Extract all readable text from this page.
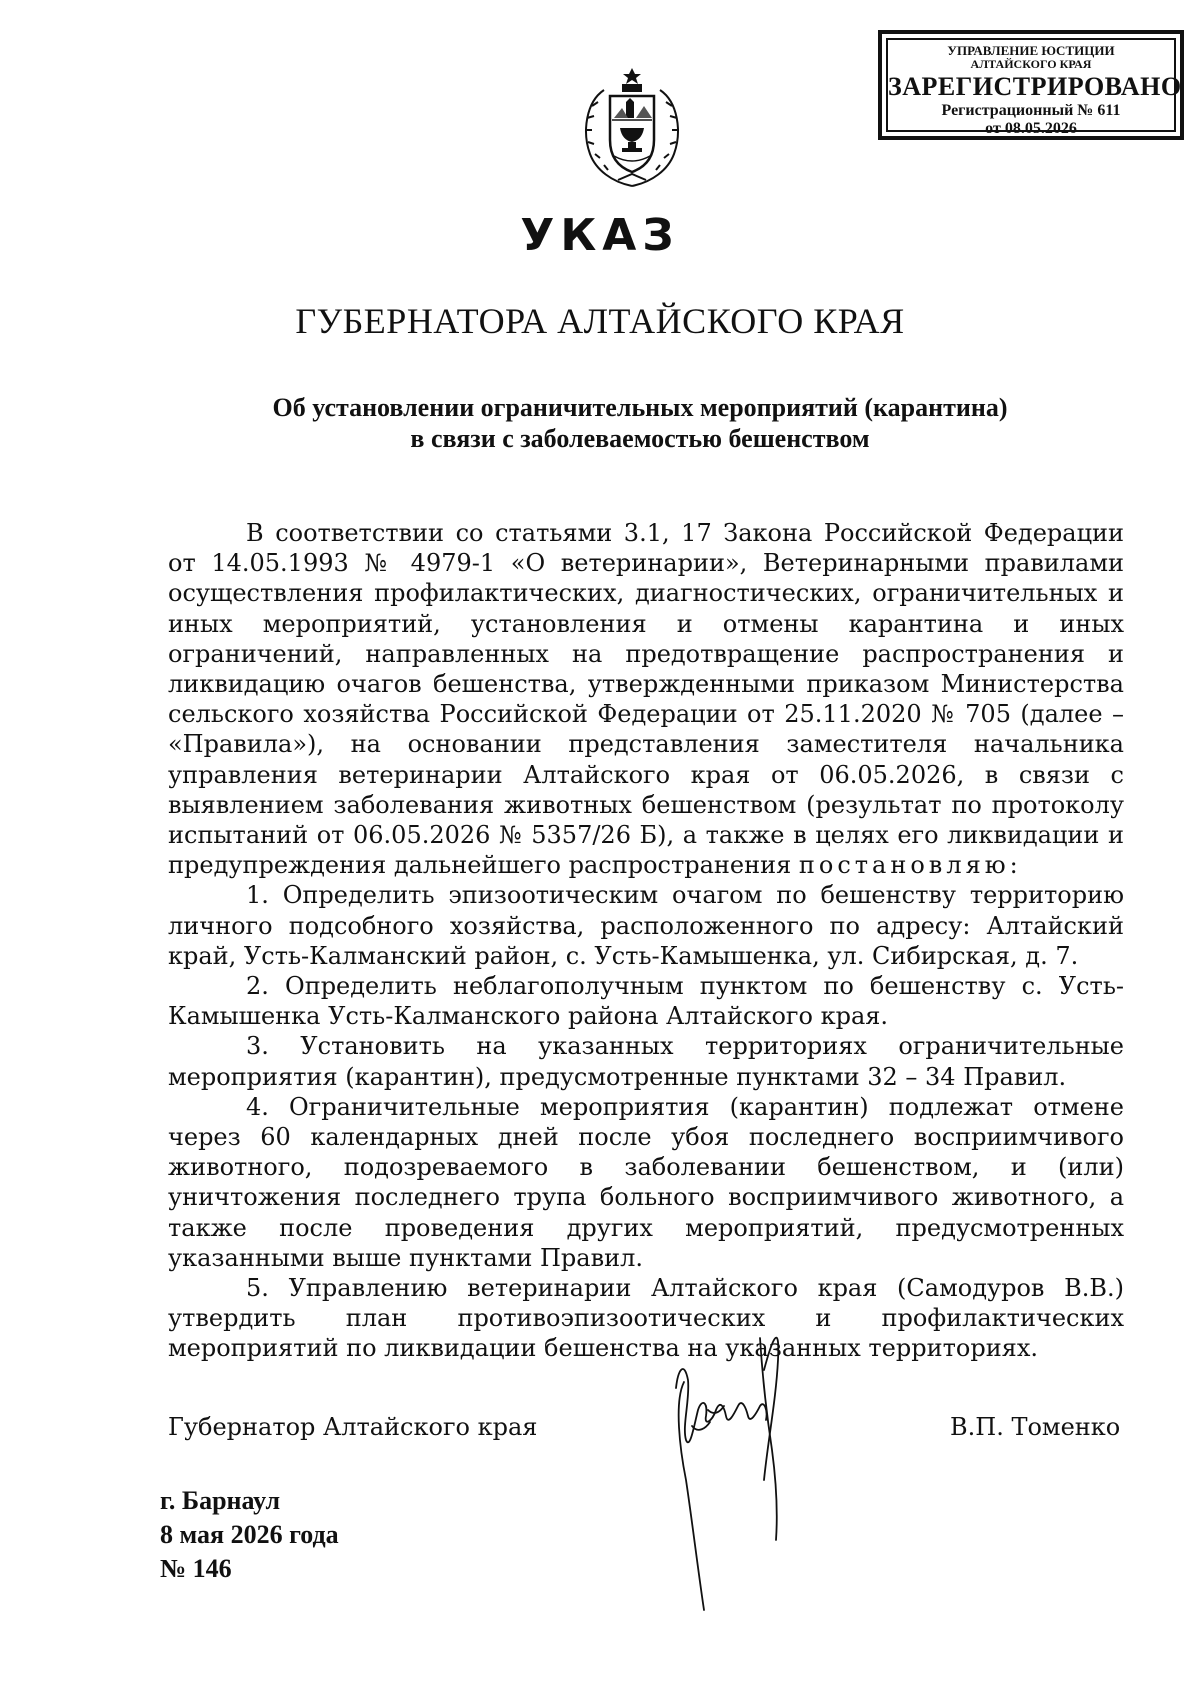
УПРАВЛЕНИЕ ЮСТИЦИИ
АЛТАЙСКОГО КРАЯ
ЗАРЕГИСТРИРОВАНО
Регистрационный № 611
от 08.05.2026
УКАЗ
ГУБЕРНАТОРА АЛТАЙСКОГО КРАЯ
Об установлении ограничительных мероприятий (карантина)
в связи с заболеваемостью бешенством

В соответствии со статьями 3.1, 17 Закона Российской Федерации от 14.05.1993 № 4979-1 «О ветеринарии», Ветеринарными правилами осуществления профилактических, диагностических, ограничительных и иных мероприятий, установления и отмены карантина и иных ограничений, направленных на предотвращение распространения и ликвидацию очагов бешенства, утвержденными приказом Министерства сельского хозяйства Российской Федерации от 25.11.2020 № 705 (далее – «Правила»), на основании представления заместителя начальника управления ветеринарии Алтайского края от 06.05.2026, в связи с выявлением заболевания животных бешенством (результат по протоколу испытаний от 06.05.2026 № 5357/26 Б), а также в целях его ликвидации и предупреждения дальнейшего распространения постановляю:

1. Определить эпизоотическим очагом по бешенству территорию личного подсобного хозяйства, расположенного по адресу: Алтайский край, Усть-Калманский район, с. Усть-Камышенка, ул. Сибирская, д. 7.

2. Определить неблагополучным пунктом по бешенству с. Усть-Камышенка Усть-Калманского района Алтайского края.

3. Установить на указанных территориях ограничительные мероприятия (карантин), предусмотренные пунктами 32 – 34 Правил.

4. Ограничительные мероприятия (карантин) подлежат отмене через 60 календарных дней после убоя последнего восприимчивого животного, подозреваемого в заболевании бешенством, и (или) уничтожения последнего трупа больного восприимчивого животного, а также после проведения других мероприятий, предусмотренных указанными выше пунктами Правил.

5. Управлению ветеринарии Алтайского края (Самодуров В.В.) утвердить план противоэпизоотических и профилактических мероприятий по ликвидации бешенства на указанных территориях.

Губернатор Алтайского края	В.П. Томенко
г. Барнаул
8 мая 2026 года
№ 146
